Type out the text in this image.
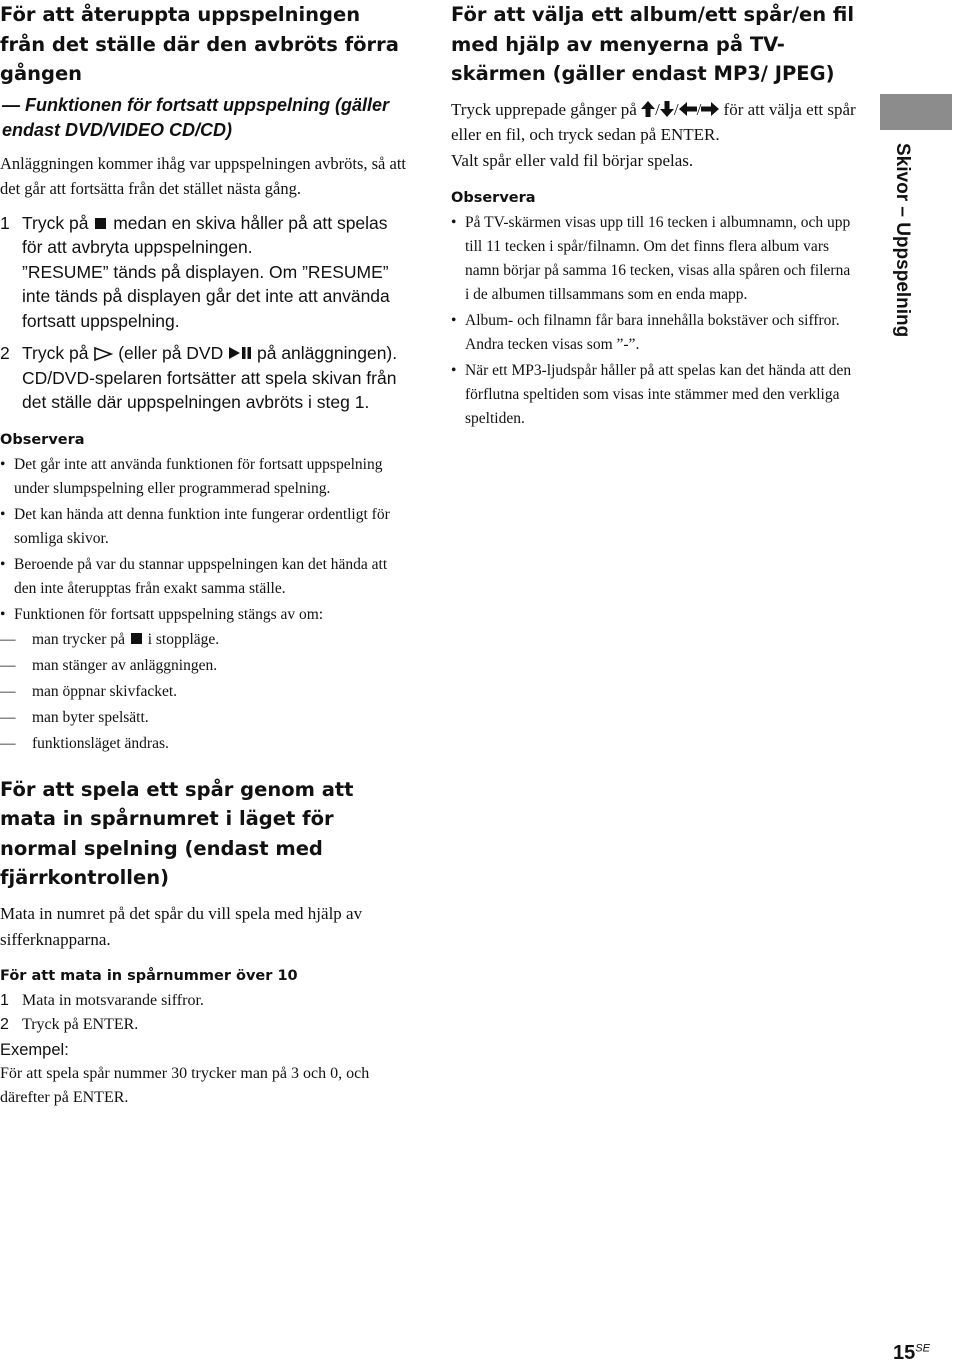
För att återuppta uppspelningen från det ställe där den avbröts förra gången
— Funktionen för fortsatt uppspelning (gäller endast DVD/VIDEO CD/CD)

Anläggningen kommer ihåg var uppspelningen avbröts, så att det går att fortsätta från det stället nästa gång.

1 Tryck på medan en skiva håller på att spelas för att avbryta uppspelningen.
”RESUME” tänds på displayen. Om ”RESUME” inte tänds på displayen går det inte att använda fortsatt uppspelning.
2 Tryck på (eller på DVD på anläggningen).
CD/DVD-spelaren fortsätter att spela skivan från det ställe där uppspelningen avbröts i steg 1.

Observera

• Det går inte att använda funktionen för fortsatt uppspelning under slumpspelning eller programmerad spelning.
• Det kan hända att denna funktion inte fungerar ordentligt för somliga skivor.
• Beroende på var du stannar uppspelningen kan det hända att den inte återupptas från exakt samma ställe.
• Funktionen för fortsatt uppspelning stängs av om:
— man trycker på i stoppläge.
— man stänger av anläggningen.
— man öppnar skivfacket.
— man byter spelsätt.
— funktionsläget ändras.
För att spela ett spår genom att mata in spårnumret i läget för normal spelning (endast med fjärrkontrollen)

Mata in numret på det spår du vill spela med hjälp av sifferknapparna.

För att mata in spårnummer över 10

1 Mata in motsvarande siffror.
2 Tryck på ENTER.

Exempel:

För att spela spår nummer 30 trycker man på 3 och 0, och därefter på ENTER.

För att välja ett album/ett spår/en fil med hjälp av menyerna på TV-skärmen (gäller endast MP3/ JPEG)

Tryck upprepade gånger på / / / för att välja ett spår eller en fil, och tryck sedan på ENTER.

Valt spår eller vald fil börjar spelas.

Observera

• På TV-skärmen visas upp till 16 tecken i albumnamn, och upp till 11 tecken i spår/filnamn. Om det finns flera album vars namn börjar på samma 16 tecken, visas alla spåren och filerna i de albumen tillsammans som en enda mapp.
• Album- och filnamn får bara innehålla bokstäver och siffror. Andra tecken visas som ”-”.
• När ett MP3-ljudspår håller på att spelas kan det hända att den förflutna speltiden som visas inte stämmer med den verkliga speltiden.
Skivor – Uppspelning
$15^{SE}$
